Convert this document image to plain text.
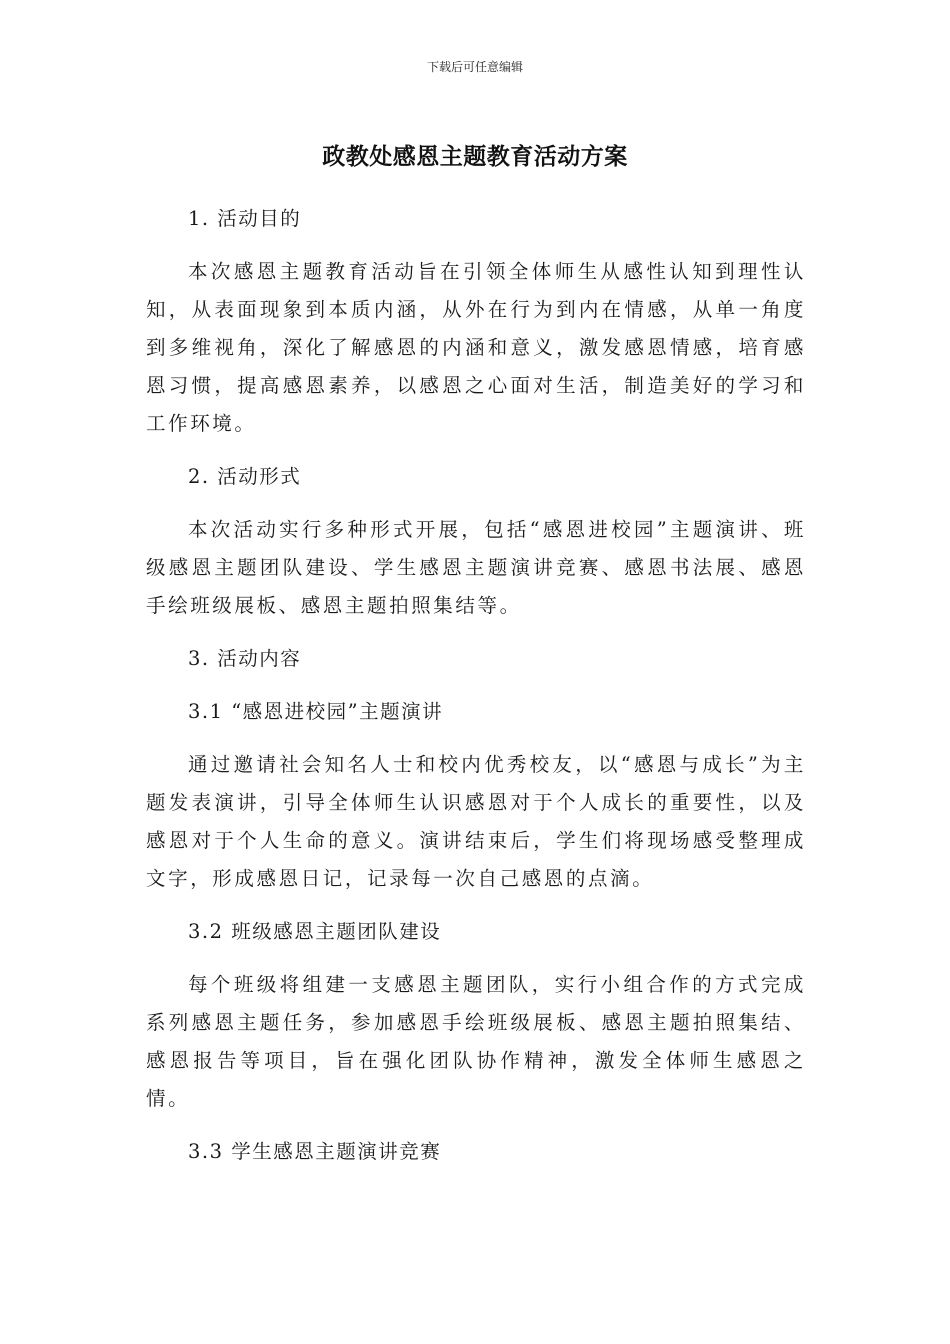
下载后可任意编辑
政教处感恩主题教育活动方案
1. 活动目的
本次感恩主题教育活动旨在引领全体师生从感性认知到理性认知，从表面现象到本质内涵，从外在行为到内在情感，从单一角度到多维视角，深化了解感恩的内涵和意义，激发感恩情感，培育感恩习惯，提高感恩素养，以感恩之心面对生活，制造美好的学习和工作环境。
2. 活动形式
本次活动实行多种形式开展，包括“感恩进校园”主题演讲、班级感恩主题团队建设、学生感恩主题演讲竞赛、感恩书法展、感恩手绘班级展板、感恩主题拍照集结等。
3. 活动内容
3.1 “感恩进校园”主题演讲
通过邀请社会知名人士和校内优秀校友，以“感恩与成长”为主题发表演讲，引导全体师生认识感恩对于个人成长的重要性，以及感恩对于个人生命的意义。演讲结束后，学生们将现场感受整理成文字，形成感恩日记，记录每一次自己感恩的点滴。
3.2 班级感恩主题团队建设
每个班级将组建一支感恩主题团队，实行小组合作的方式完成系列感恩主题任务，参加感恩手绘班级展板、感恩主题拍照集结、感恩报告等项目，旨在强化团队协作精神，激发全体师生感恩之情。
3.3 学生感恩主题演讲竞赛
